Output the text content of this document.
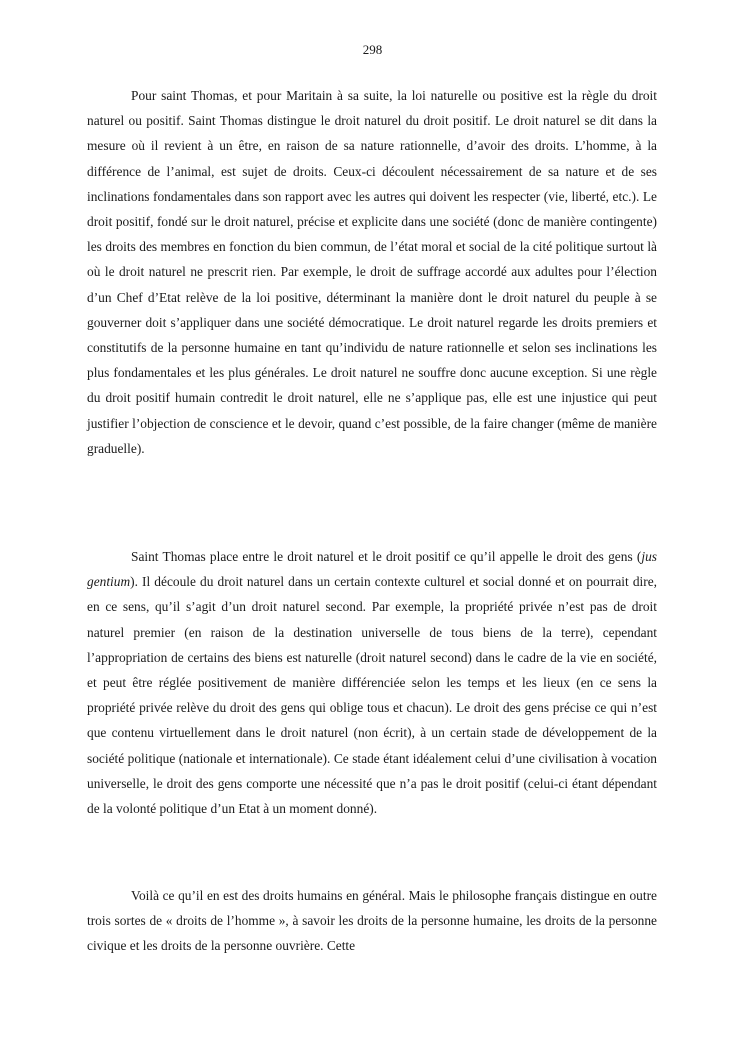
298

Pour saint Thomas, et pour Maritain à sa suite, la loi naturelle ou positive est la règle du droit naturel ou positif. Saint Thomas distingue le droit naturel du droit positif. Le droit naturel se dit dans la mesure où il revient à un être, en raison de sa nature rationnelle, d’avoir des droits. L’homme, à la différence de l’animal, est sujet de droits. Ceux-ci découlent nécessairement de sa nature et de ses inclinations fondamentales dans son rapport avec les autres qui doivent les respecter (vie, liberté, etc.). Le droit positif, fondé sur le droit naturel, précise et explicite dans une société (donc de manière contingente) les droits des membres en fonction du bien commun, de l’état moral et social de la cité politique surtout là où le droit naturel ne prescrit rien. Par exemple, le droit de suffrage accordé aux adultes pour l’élection d’un Chef d’Etat relève de la loi positive, déterminant la manière dont le droit naturel du peuple à se gouverner doit s’appliquer dans une société démocratique. Le droit naturel regarde les droits premiers et constitutifs de la personne humaine en tant qu’individu de nature rationnelle et selon ses inclinations les plus fondamentales et les plus générales. Le droit naturel ne souffre donc aucune exception. Si une règle du droit positif humain contredit le droit naturel, elle ne s’applique pas, elle est une injustice qui peut justifier l’objection de conscience et le devoir, quand c’est possible, de la faire changer (même de manière graduelle).

Saint Thomas place entre le droit naturel et le droit positif ce qu’il appelle le droit des gens (jus gentium). Il découle du droit naturel dans un certain contexte culturel et social donné et on pourrait dire, en ce sens, qu’il s’agit d’un droit naturel second. Par exemple, la propriété privée n’est pas de droit naturel premier (en raison de la destination universelle de tous biens de la terre), cependant l’appropriation de certains des biens est naturelle (droit naturel second) dans le cadre de la vie en société, et peut être réglée positivement de manière différenciée selon les temps et les lieux (en ce sens la propriété privée relève du droit des gens qui oblige tous et chacun). Le droit des gens précise ce qui n’est que contenu virtuellement dans le droit naturel (non écrit), à un certain stade de développement de la société politique (nationale et internationale). Ce stade étant idéalement celui d’une civilisation à vocation universelle, le droit des gens comporte une nécessité que n’a pas le droit positif (celui-ci étant dépendant de la volonté politique d’un Etat à un moment donné).

Voilà ce qu’il en est des droits humains en général. Mais le philosophe français distingue en outre trois sortes de « droits de l’homme », à savoir les droits de la personne humaine, les droits de la personne civique et les droits de la personne ouvrière. Cette
